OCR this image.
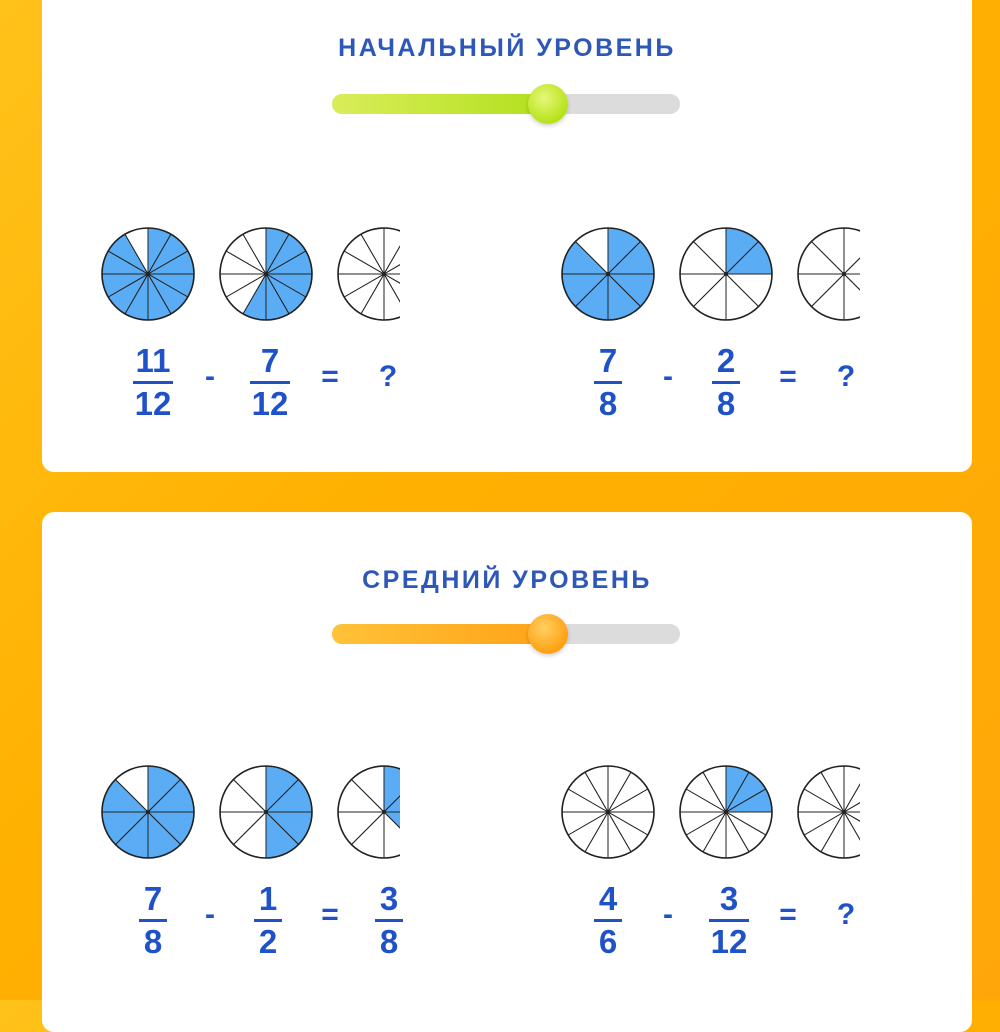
НАЧАЛЬНЫЙ УРОВЕНЬ
11
12
- 7
12
= ?	7
8
- 2
8
= ?
СРЕДНИЙ УРОВЕНЬ
7
8
- 1
2
= 3
8
4
6
- 3
12
= ?
